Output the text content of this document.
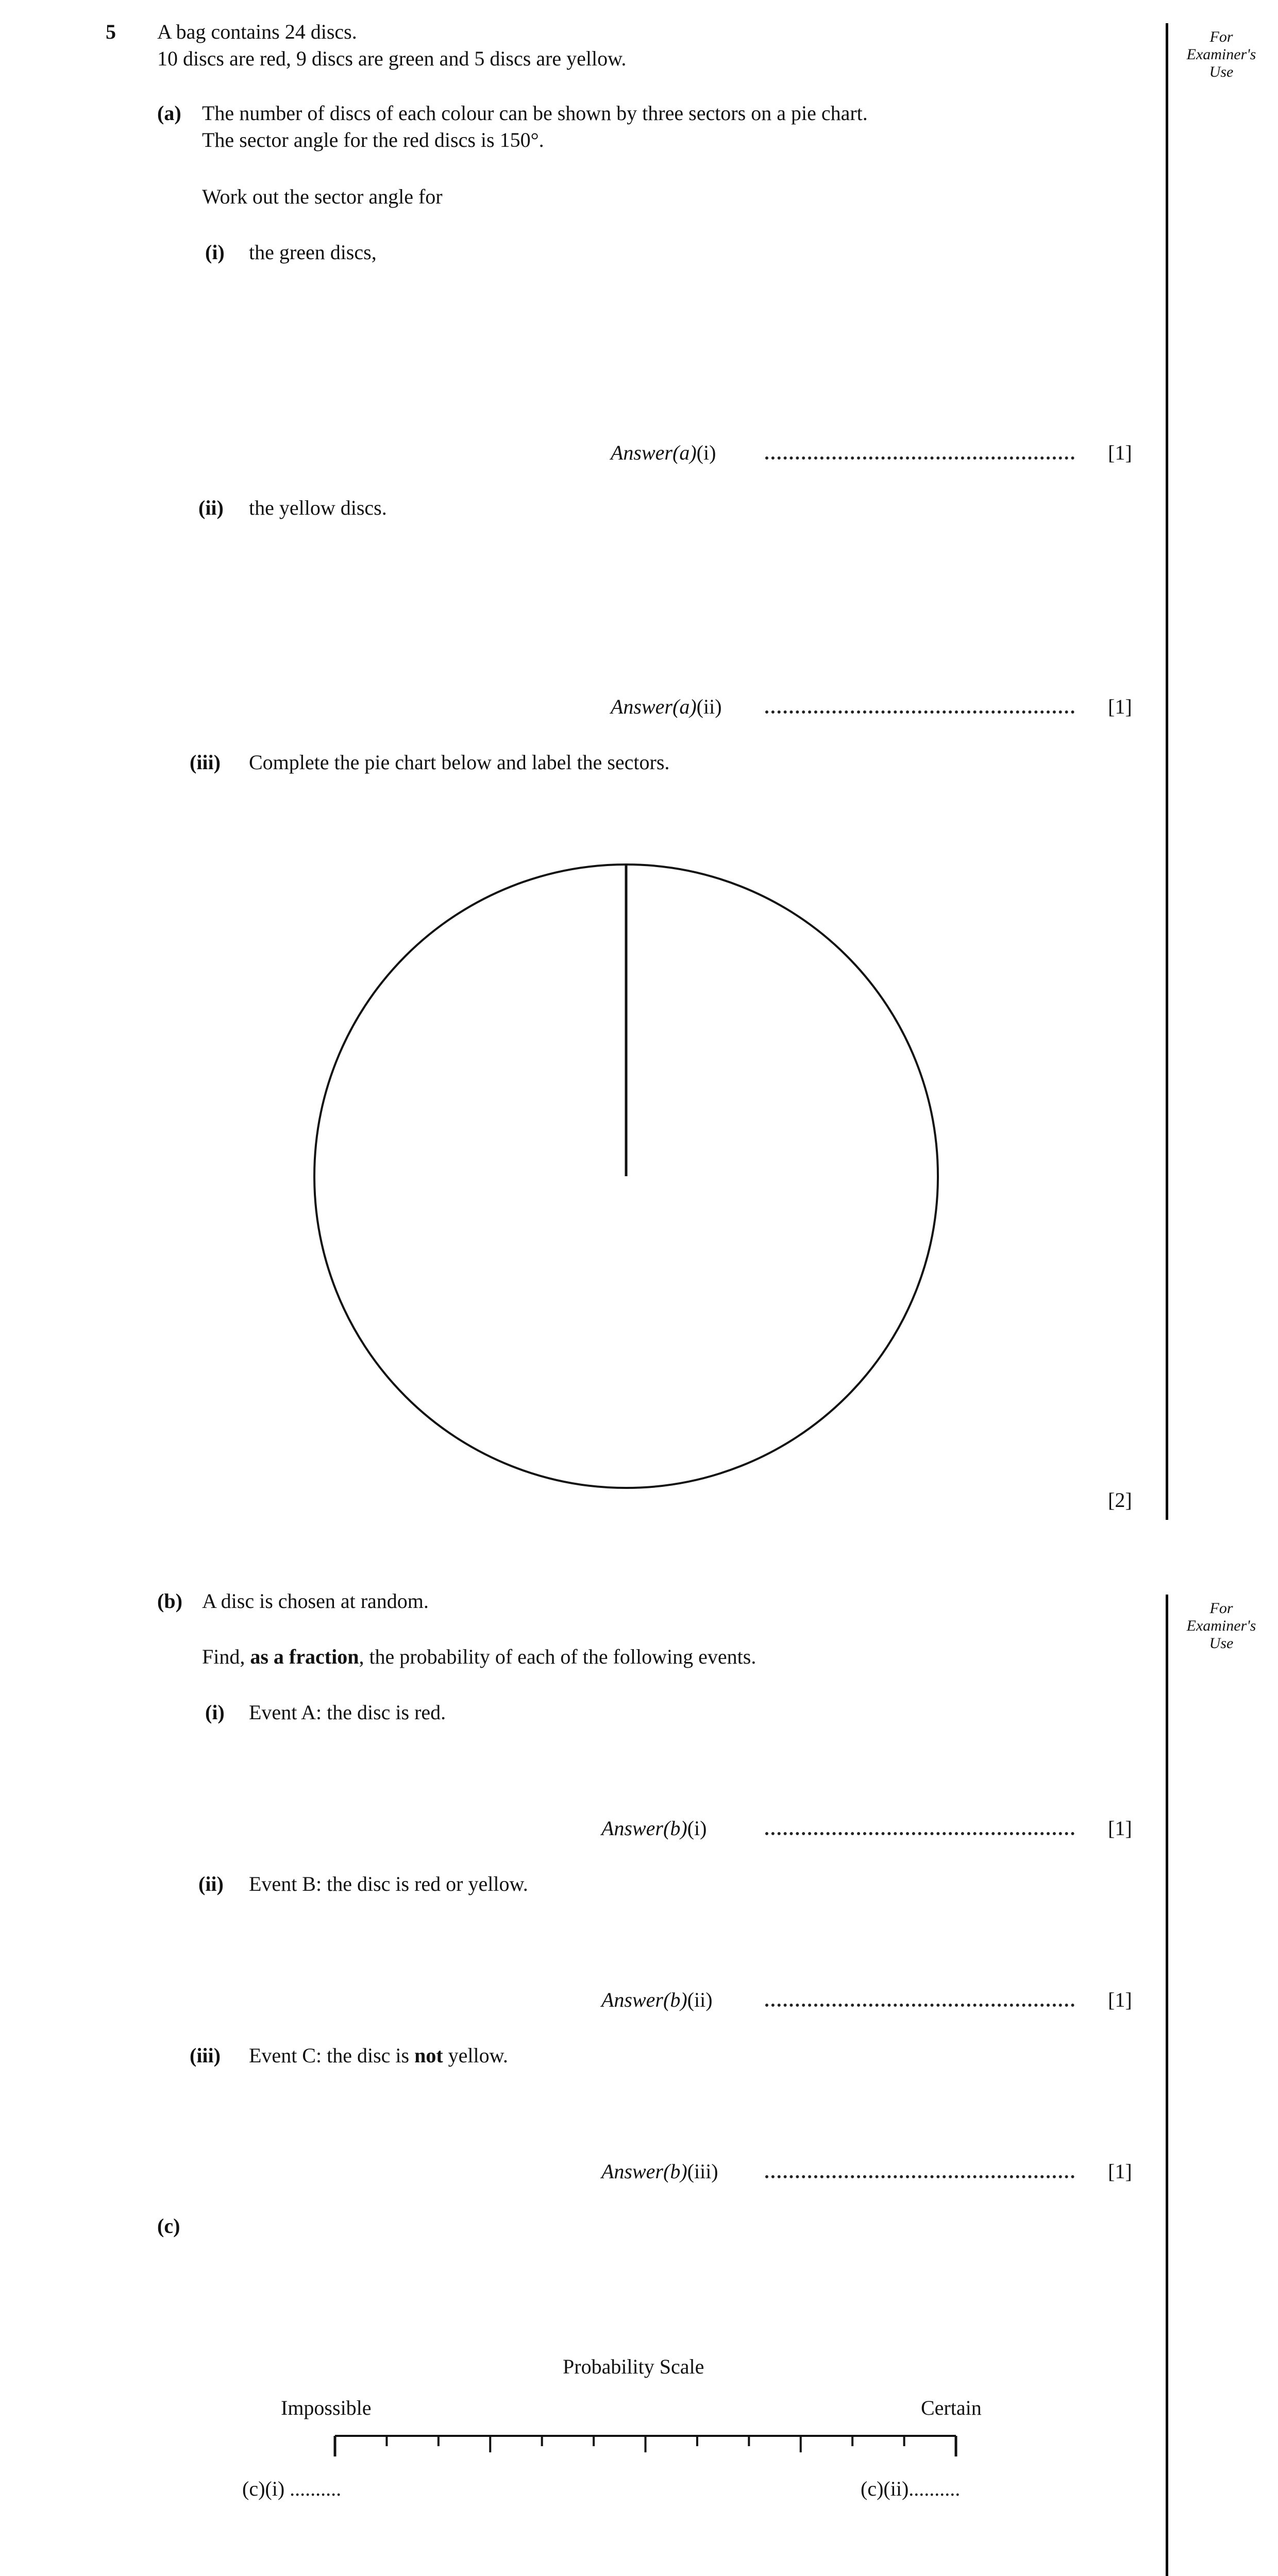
For
Examiner's
Use
For
Examiner's
Use
5 A bag contains 24 discs.
10 discs are red, 9 discs are green and 5 discs are yellow.
(a) The number of discs of each colour can be shown by three sectors on a pie chart.
The sector angle for the red discs is 150°.
Work out the sector angle for
(i) the green discs,
Answer(a)(i)	[1]
(ii) the yellow discs.
Answer(a)(ii)	[1]
(iii) Complete the pie chart below and label the sectors.
[2]
(b) A disc is chosen at random.
Find, as a fraction, the probability of each of the following events.
(i) Event A: the disc is red.
Answer(b)(i)	[1]
(ii) Event B: the disc is red or yellow.
Answer(b)(ii)	[1]
(iii) Event C: the disc is not yellow.
Answer(b)(iii)	[1]
(c)
Probability Scale
Impossible	Certain
(c)(i) ..........	(c)(ii)..........
